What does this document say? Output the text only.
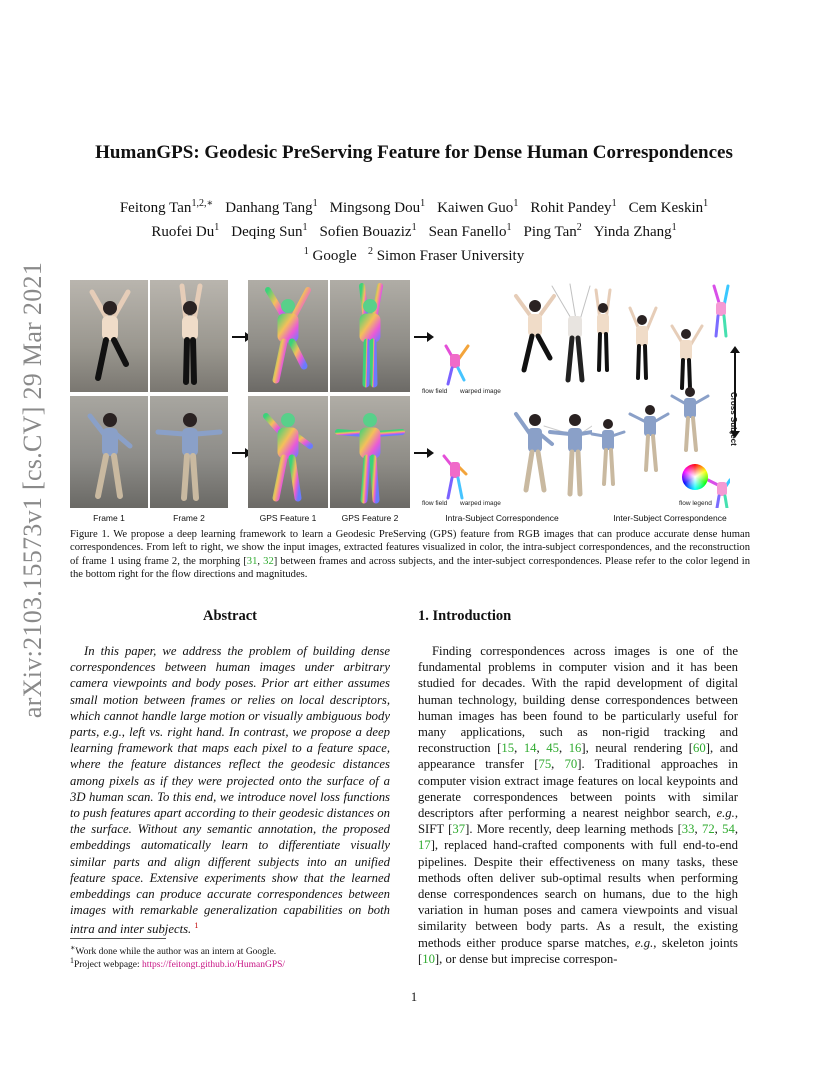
arXiv:2103.15573v1 [cs.CV] 29 Mar 2021
HumanGPS: Geodesic PreServing Feature for Dense Human Correspondences
Feitong Tan$^{1,2,∗}$ Danhang Tang$^1$ Mingsong Dou$^1$ Kaiwen Guo$^1$ Rohit Pandey$^1$ Cem Keskin$^1$
Ruofei Du$^1$ Deqing Sun$^1$ Sofien Bouaziz$^1$ Sean Fanello$^1$ Ping Tan$^2$ Yinda Zhang$^1$
$^1$ Google $^2$ Simon Fraser University
flow field warped image
flow field warped image	flow legend
Cross Subject
Frame 1	Frame 2	GPS Feature 1	GPS Feature 2	Intra-Subject Correspondence	Inter-Subject Correspondence
Figure 1. We propose a deep learning framework to learn a Geodesic PreServing (GPS) feature from RGB images that can produce accurate dense human correspondences. From left to right, we show the input images, extracted features visualized in color, the intra-subject correspondences, and the reconstruction of frame 1 using frame 2, the morphing [31, 32] between frames and across subjects, and the inter-subject correspondences. Please refer to the color legend in the bottom right for the flow directions and magnitudes.
Abstract

In this paper, we address the problem of building dense correspondences between human images under arbitrary camera viewpoints and body poses. Prior art either assumes small motion between frames or relies on local descriptors, which cannot handle large motion or visually ambiguous body parts, e.g., left vs. right hand. In contrast, we propose a deep learning framework that maps each pixel to a feature space, where the feature distances reflect the geodesic distances among pixels as if they were projected onto the surface of a 3D human scan. To this end, we introduce novel loss functions to push features apart according to their geodesic distances on the surface. Without any semantic annotation, the proposed embeddings automatically learn to differentiate visually similar parts and align different subjects into an unified feature space. Extensive experiments show that the learned embeddings can produce accurate correspondences between images with remarkable generalization capabilities on both intra and inter subjects. $^1$

1. Introduction

Finding correspondences across images is one of the fundamental problems in computer vision and it has been studied for decades. With the rapid development of digital human technology, building dense correspondences between human images has been found to be particularly useful for many applications, such as non-rigid tracking and reconstruction [15, 14, 45, 16], neural rendering [60], and appearance transfer [75, 70]. Traditional approaches in computer vision extract image features on local keypoints and generate correspondences between points with similar descriptors after performing a nearest neighbor search, e.g., SIFT [37]. More recently, deep learning methods [33, 72, 54, 17], replaced hand-crafted components with full end-to-end pipelines. Despite their effectiveness on many tasks, these methods often deliver sub-optimal results when performing dense correspondences search on humans, due to the high variation in human poses and camera viewpoints and visual similarity between body parts. As a result, the existing methods either produce sparse matches, e.g., skeleton joints [10], or dense but imprecise correspon-

∗Work done while the author was an intern at Google.
$^1$Project webpage: https://feitongt.github.io/HumanGPS/
1
